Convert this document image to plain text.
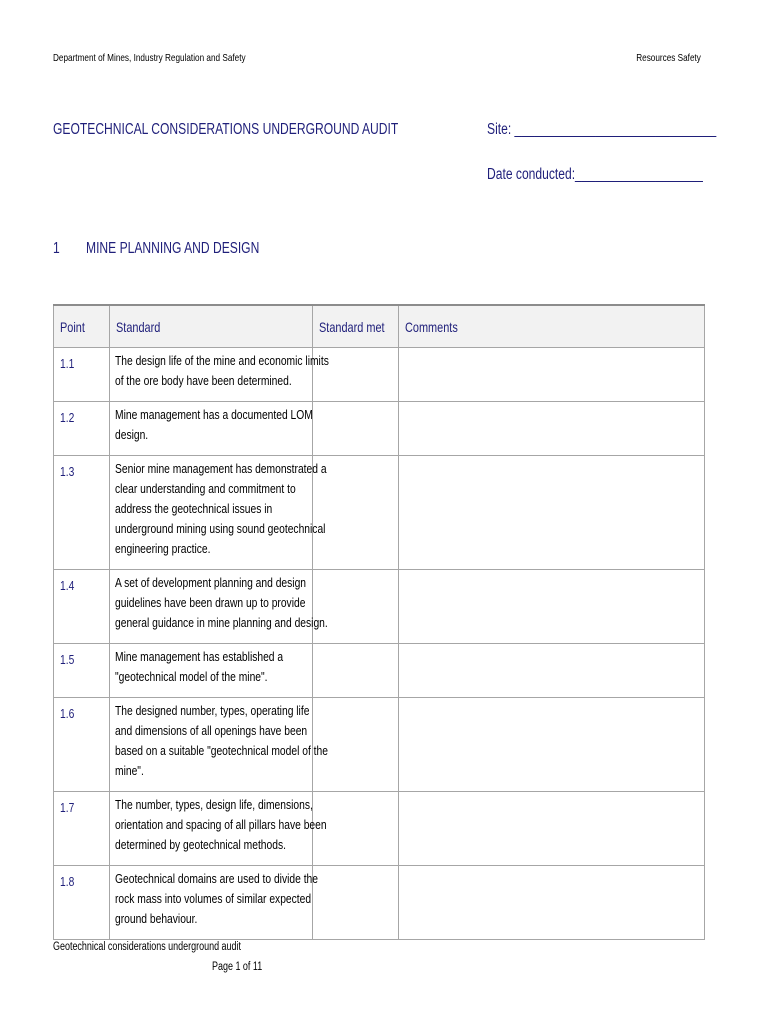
Department of Mines, Industry Regulation and Safety	Resources Safety
GEOTECHNICAL CONSIDERATIONS UNDERGROUND AUDIT	Site: ______________________________
Date conducted:___________________
1 MINE PLANNING AND DESIGN
Point	Standard	Standard met	Comments

1.1	The design life of the mine and economic limits
of the ore body have been determined.		

1.2	Mine management has a documented LOM
design.		

1.3	Senior mine management has demonstrated a
clear understanding and commitment to
address the geotechnical issues in
underground mining using sound geotechnical
engineering practice.		

1.4	A set of development planning and design
guidelines have been drawn up to provide
general guidance in mine planning and design.		

1.5	Mine management has established a
"geotechnical model of the mine".		

1.6	The designed number, types, operating life
and dimensions of all openings have been
based on a suitable "geotechnical model of the
mine".		

1.7	The number, types, design life, dimensions,
orientation and spacing of all pillars have been
determined by geotechnical methods.		

1.8	Geotechnical domains are used to divide the
rock mass into volumes of similar expected
ground behaviour.		

Geotechnical considerations underground audit
Page 1 of 11
